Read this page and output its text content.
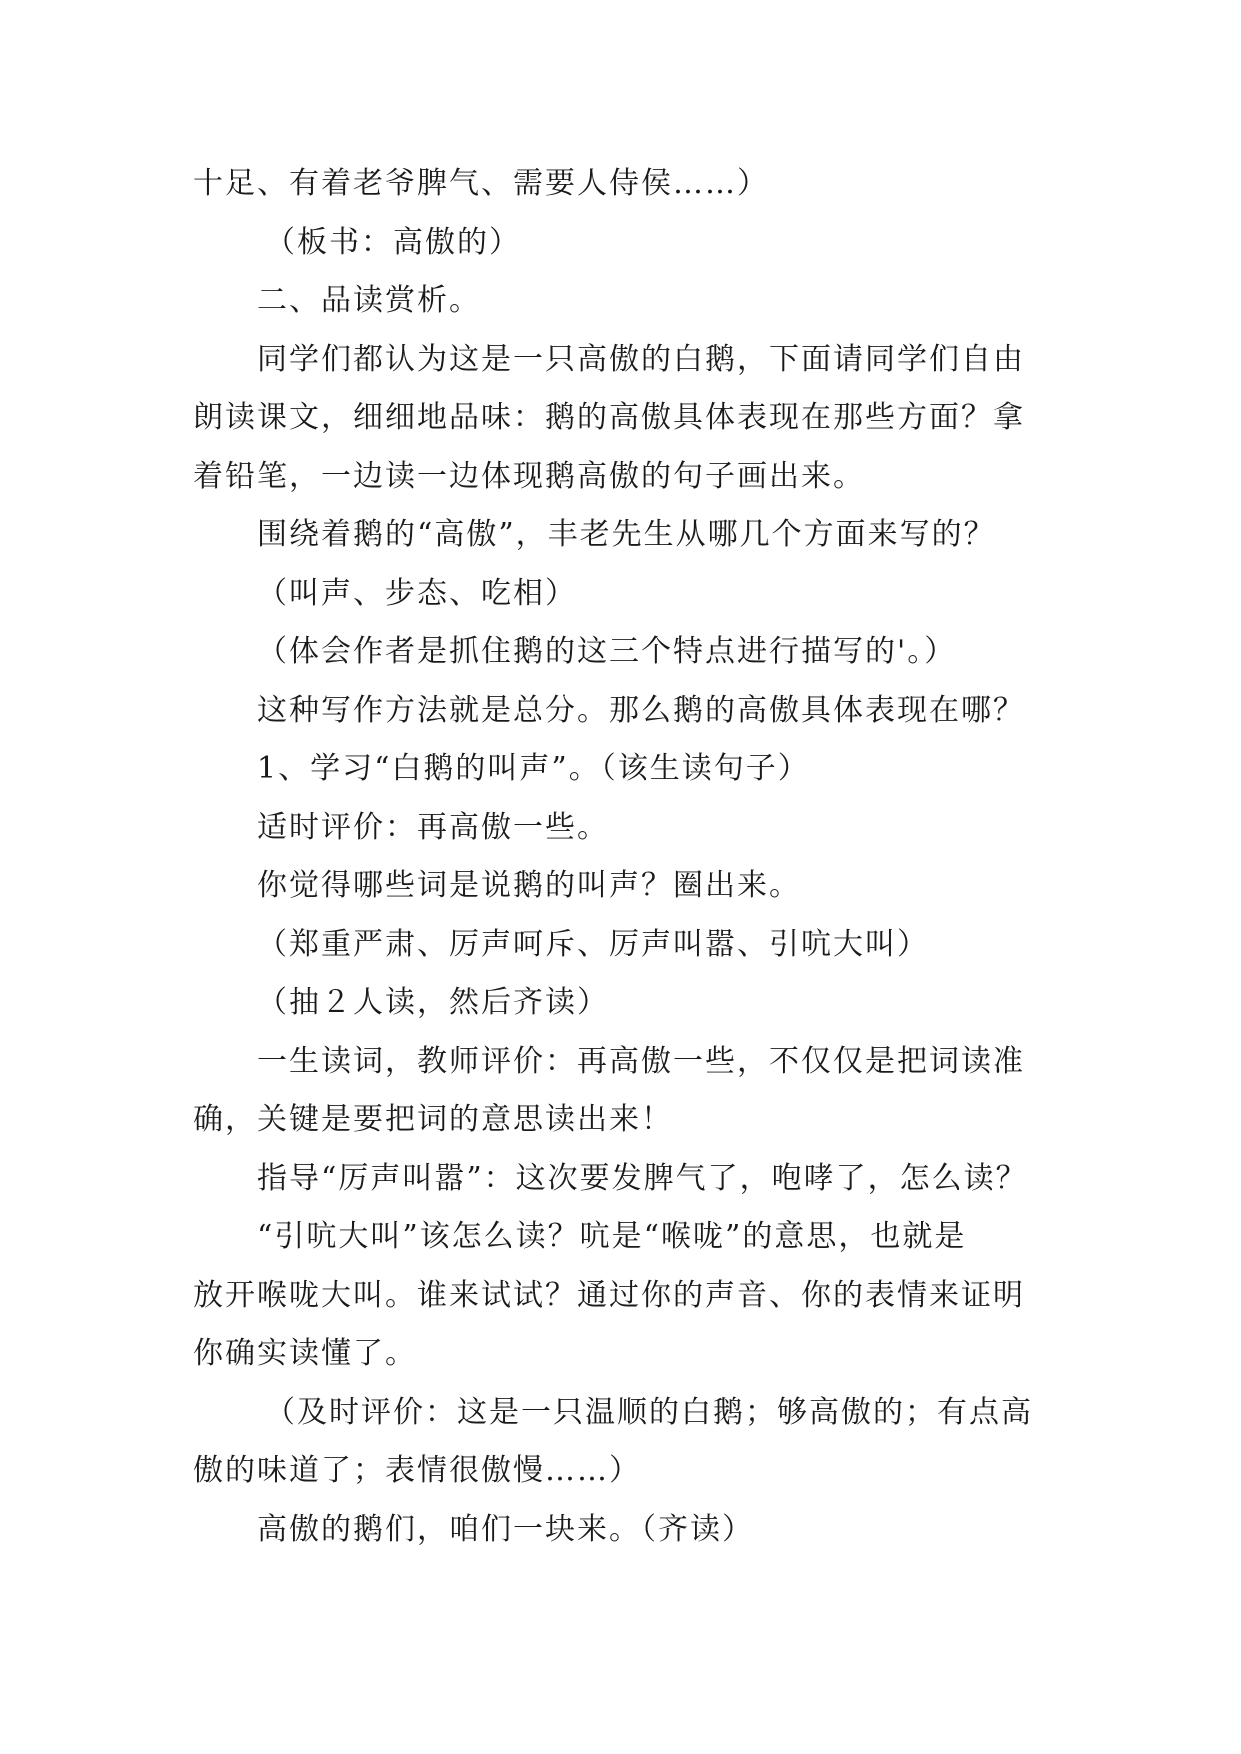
十足、有着老爷脾气、需要人侍侯……）
（板书：高傲的）
二、品读赏析。
同学们都认为这是一只高傲的白鹅，下面请同学们自由
朗读课文，细细地品味：鹅的高傲具体表现在那些方面？拿
着铅笔，一边读一边体现鹅高傲的句子画出来。
围绕着鹅的“高傲”，丰老先生从哪几个方面来写的？
（叫声、步态、吃相）
（体会作者是抓住鹅的这三个特点进行描写的'。）
这种写作方法就是总分。那么鹅的高傲具体表现在哪？
1、学习“白鹅的叫声”。（该生读句子）
适时评价：再高傲一些。
你觉得哪些词是说鹅的叫声？圈出来。
（郑重严肃、厉声呵斥、厉声叫嚣、引吭大叫）
（抽２人读，然后齐读）
一生读词，教师评价：再高傲一些，不仅仅是把词读准
确，关键是要把词的意思读出来！
指导“厉声叫嚣”：这次要发脾气了，咆哮了，怎么读？
“引吭大叫”该怎么读？吭是“喉咙”的意思，也就是
放开喉咙大叫。谁来试试？通过你的声音、你的表情来证明
你确实读懂了。
（及时评价：这是一只温顺的白鹅；够高傲的；有点高
傲的味道了；表情很傲慢……）
高傲的鹅们，咱们一块来。（齐读）
